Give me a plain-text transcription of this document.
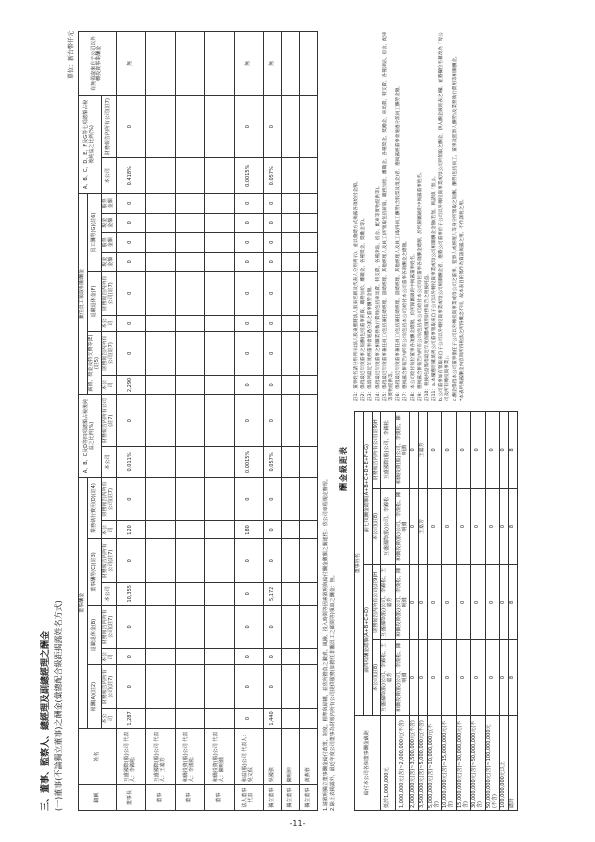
三、董事、監察人、總經理及副總經理之酬金 (一)董事(不論獨立董事)之酬金(彙總配合級距揭露姓名方式)
單位：新台幣仟元
職稱	姓名	董事酬金								A、B、C及D等四項總額占稅後純益之比例(%)		兼任員工領取相關酬金								A、B、C、D、E、F及G等七項總額占稅後純益之比例(%)		有無領取來自子公司以外轉投資事業酬金
		報酬(A)(註2)		退職退休金(B)		董事酬勞(C)(註3)		業務執行費用(D)(註4)				薪資、獎金及特支費等(E)(註5)		退職退休金(F)		員工酬勞(G)(註6)						
		本公司	財務報告內所有公司(註7)	本公司	財務報告內所有公司(註7)	本公司	財務報告內所有公司(註7)	本公司	財務報告內所有公司(註7)	本公司	財務報告內所有公司(註7)	本公司	財務報告內所有公司(註7)	本公司	財務報告內所有公司(註7)	現金金額	股票金額	現金金額	股票金額	本公司	財務報告內所有公司(註7)	
董事長	互盛國際(股)公司 代表人：李錦松	1,287	0	0	0	10,355	0	120	0	0.011%	0	2,290	0	0	0	0	0	0	0	0.418%	0	無
董事	互盛國際(股)公司 代表人：王嘉芳																					
董事	和僑投資(股)公司 代表人：李漢松																					
董事	和僑投資(股)公司 代表人：陳明淵																					
法人董事代表	和益(股)公司 代表人：吳文侃	0	0	0	0	0	0	180	0	0.0015%	0	0	0	0	0	0	0	0	0	0.0015%	0	無
獨立董事	吳國強	1,440	0	0	0	5,172	0	0	0	0.057%	0	0	0	0	0	0	0	0	0	0.057%	0	無
獨立董事	陳明坤																					
獨立董事	黃燕蓉																					1.請敘明獨立董事酬金給付政策、制度、標準與結構，並依所擔負之職責、風險、投入時間等因素敘明與給付酬金數額之關連性：依公司章程規定辦理。 2.除上表揭露外，最近年度公司董事為財報內所有公司提供服務(如擔任非屬員工之顧問等)領取之酬金：無。
酬金級距表
給付本公司各個董事酬金級距	董事姓名			
	前四項酬金總額(A+B+C+D)		前七項酬金總額(A+B+C+D+E+F+G)	
	本公司(註8)	財務報告內所有公司(註9)H	本公司(註8)	財務報告內所有公司(註9)H
低於1,000,000元	互盛國際(股)公司、李錦松、王嘉芳	互盛國際(股)公司、李錦松、王嘉芳	互盛國際(股)公司、李錦松	互盛國際(股)公司、李錦松
1,000,000元(含)~2,000,000元(不含)	和僑投資(股)公司、李漢松、陳明淵	和僑投資(股)公司、李漢松、陳明淵	和僑投資(股)公司、李漢松、陳明淵	和僑投資(股)公司、李漢松、陳明淵
2,000,000元(含)~3,500,000元(不含)	0	0	0	0
3,500,000元(含)~5,000,000元(不含)	0	0	王嘉芳	王嘉芳
5,000,000元(含)~10,000,000元(不含)	0	0	0	0
10,000,000元(含)~15,000,000元(不含)	0	0	0	0
15,000,000元(含)~30,000,000元(不含)	0	0	0	0
30,000,000元(含)~50,000,000元(不含)	0	0	0	0
50,000,000元(含)~100,000,000元(不含)	0	0	0	0
100,000,000元以上	0	0	0	0
總計	8	8	8	8

註1：董事姓名請分別列示(法人股東應將法人股東名稱及代表人分別列示)，並以彙總方式揭露各項給付金額。 註2：係指最近年度董事之報酬(包括董事薪資、職務加給、離職金、各種獎金、獎勵金等)。 註3：係填列最近年度經董事會通過分派之董事酬勞金額。 註4：係指最近年度董事之相關業務執行費用(包括車馬費、特支費、各種津貼、宿舍、配車等實物提供等)。 註5：係指最近年度董事兼任員工(包括兼任總經理、副總經理、其他經理人及員工)所領取包括薪資、職務加給、離職金、各種獎金、獎勵金、車馬費、特支費、各種津貼、宿舍、配車等實物提供等。 註6：係指最近年度董事兼任員工(包括兼任總經理、副總經理、其他經理人及員工)取得員工酬勞(含股票及現金)者，應揭露經董事會通過分派員工酬勞金額。 註7：應揭露合併報告內所有公司(包括本公司)給付本公司董事各項酬金之總額。 註8：本公司給付每位董事各項酬金總額，於所歸屬級距中揭露董事姓名。 註9：應揭露合併報告內所有公司(包括本公司)給付本公司每位董事各項酬金總額，於所歸屬級距中揭露董事姓名。 註10：稅後純益係指最近年度個體或個別財務報告之稅後純益。 註11：a.本欄應明確填列公司董事領取來自子公司以外轉投資事業或母公司相關酬金金額(若無，則請填「無」)。 b.公司董事如有領取來自子公司以外轉投資事業或母公司相關酬金者，應將公司董事於子公司以外轉投資事業或母公司所領取之酬金，併入酬金級距表之I欄，並將欄位名稱改為「母公司及所有轉投資事業」。 c.酬金係指本公司董事擔任子公司以外轉投資事業或母公司之董事、監察人或經理人等身分所領取之報酬、酬勞(包括員工、董事及監察人酬勞)及業務執行費用等相關酬金。 *本表所揭露酬金內容與所得稅法之所得概念不同，故本表目的係作為資訊揭露之用，不作課稅之用。

-11-
